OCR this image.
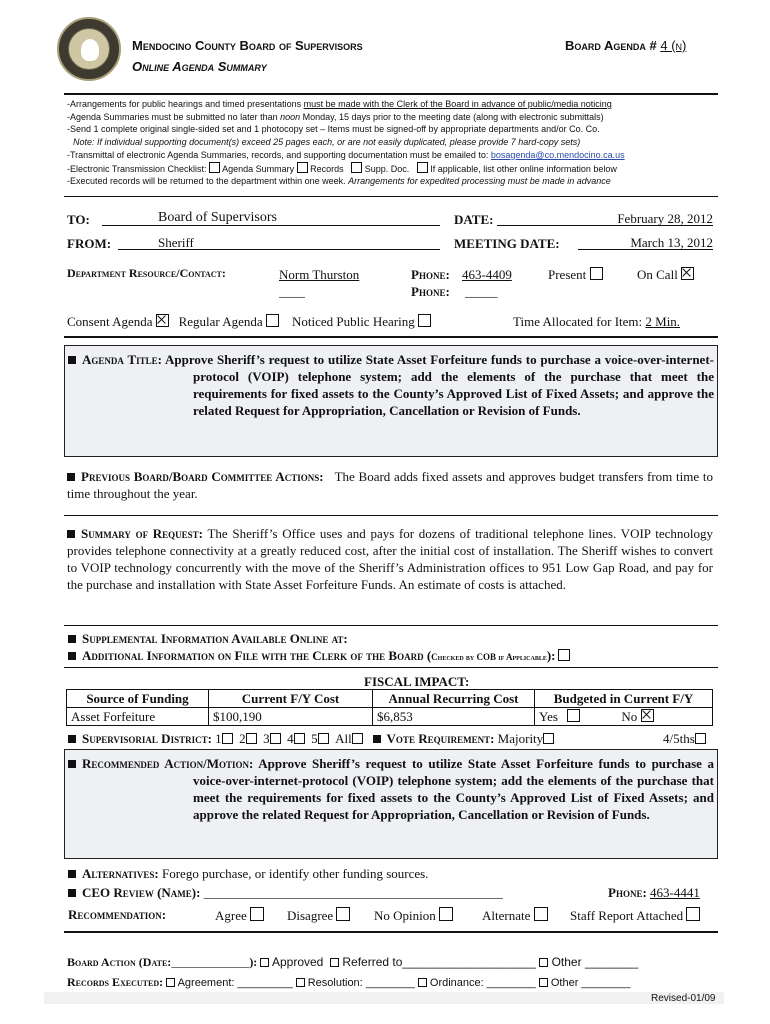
Mendocino County Board of Supervisors
Online Agenda Summary
Board Agenda # 4 (n)
-Arrangements for public hearings and timed presentations must be made with the Clerk of the Board in advance of public/media noticing
-Agenda Summaries must be submitted no later than noon Monday, 15 days prior to the meeting date (along with electronic submittals)
-Send 1 complete original single-sided set and 1 photocopy set – Items must be signed-off by appropriate departments and/or Co. Co.
Note: If individual supporting document(s) exceed 25 pages each, or are not easily duplicated, please provide 7 hard-copy sets)
-Transmittal of electronic Agenda Summaries, records, and supporting documentation must be emailed to: bosagenda@co.mendocino.ca.us
-Electronic Transmission Checklist:  Agenda Summary Records Supp. Doc. If applicable, list other online information below
-Executed records will be returned to the department within one week. Arrangements for expedited processing must be made in advance
TO:	Board of Supervisors	DATE:	February 28, 2012
FROM:	Sheriff	MEETING DATE:	March 13, 2012
Department Resource/Contact:	Norm Thurston
____
Phone: 463-4409
Phone: _____
Present	On Call
Consent Agenda Regular Agenda Noticed Public Hearing	Time Allocated for Item: 2 Min.
Agenda Title: Approve Sheriff’s request to utilize State Asset Forfeiture funds to purchase a voice-over-internet-protocol (VOIP) telephone system; add the elements of the purchase that meet the requirements for fixed assets to the County’s Approved List of Fixed Assets; and approve the related Request for Appropriation, Cancellation or Revision of Funds.
Previous Board/Board Committee Actions: The Board adds fixed assets and approves budget transfers from time to time throughout the year.
Summary of Request: The Sheriff’s Office uses and pays for dozens of traditional telephone lines. VOIP technology provides telephone connectivity at a greatly reduced cost, after the initial cost of installation. The Sheriff wishes to convert to VOIP technology concurrently with the move of the Sheriff’s Administration offices to 951 Low Gap Road, and pay for the purchase and installation with State Asset Forfeiture Funds. An estimate of costs is attached.
Supplemental Information Available Online at:
Additional Information on File with the Clerk of the Board (Checked by COB if Applicable):
FISCAL IMPACT:
Source of Funding	Current F/Y Cost	Annual Recurring Cost	Budgeted in Current F/Y
Asset Forfeiture	$100,190	$6,853	Yes No
Supervisorial District: 1 2 3 4 5 All	Vote Requirement: Majority	4/5ths
Recommended Action/Motion: Approve Sheriff’s request to utilize State Asset Forfeiture funds to purchase a voice-over-internet-protocol (VOIP) telephone system; add the elements of the purchase that meet the requirements for fixed assets to the County’s Approved List of Fixed Assets; and approve the related Request for Appropriation, Cancellation or Revision of Funds.
Alternatives: Forego purchase, or identify other funding sources.
CEO Review (Name): ______________________________________________	Phone: 463-4441
Recommendation:	Agree	Disagree	No Opinion	Alternate	Staff Report Attached
Board Action (Date:_____________): Approved Referred to____________________ Other ________
Records Executed: Agreement: _________ Resolution: ________ Ordinance: ________ Other ________
Revised-01/09
